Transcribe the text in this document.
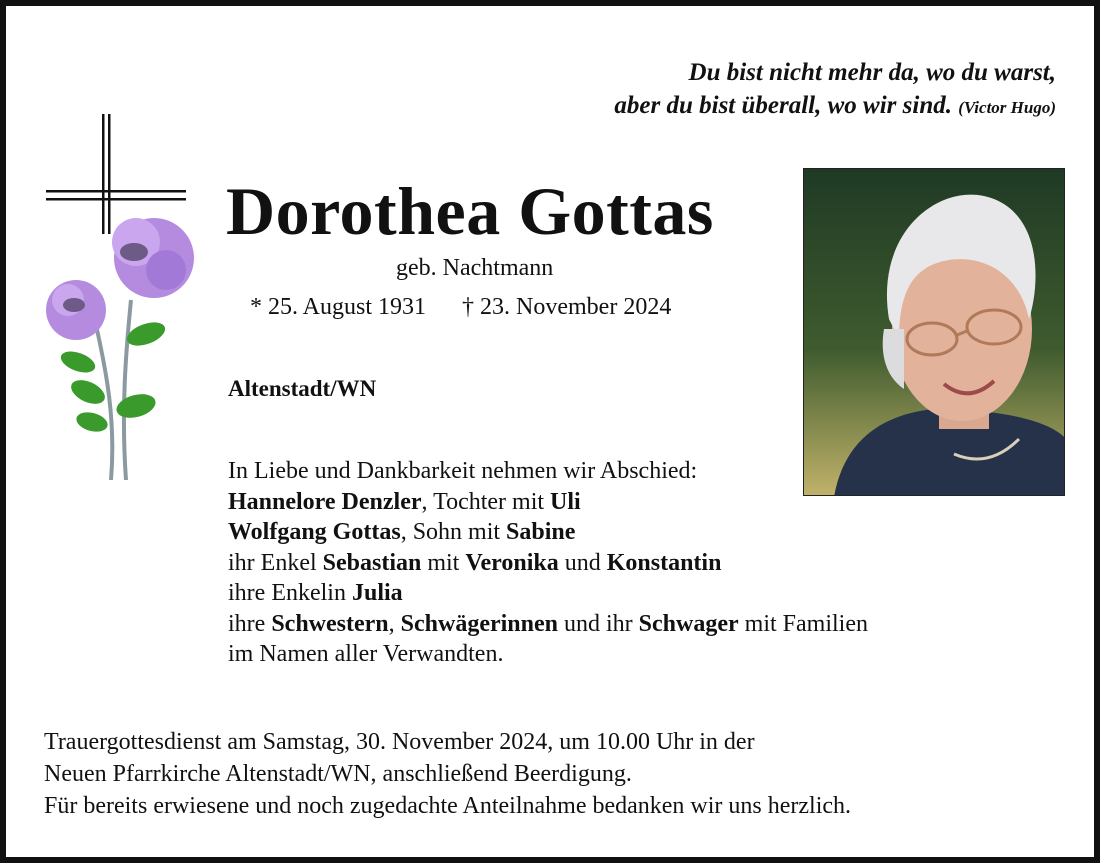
Du bist nicht mehr da, wo du warst,
aber du bist überall, wo wir sind. (Victor Hugo)
Dorothea Gottas
geb. Nachtmann
* 25. August 1931 † 23. November 2024
Altenstadt/WN
In Liebe und Dankbarkeit nehmen wir Abschied:
Hannelore Denzler, Tochter mit Uli
Wolfgang Gottas, Sohn mit Sabine
ihr Enkel Sebastian mit Veronika und Konstantin
ihre Enkelin Julia
ihre Schwestern, Schwägerinnen und ihr Schwager mit Familien
im Namen aller Verwandten.
Trauergottesdienst am Samstag, 30. November 2024, um 10.00 Uhr in der
Neuen Pfarrkirche Altenstadt/WN, anschließend Beerdigung.
Für bereits erwiesene und noch zugedachte Anteilnahme bedanken wir uns herzlich.
